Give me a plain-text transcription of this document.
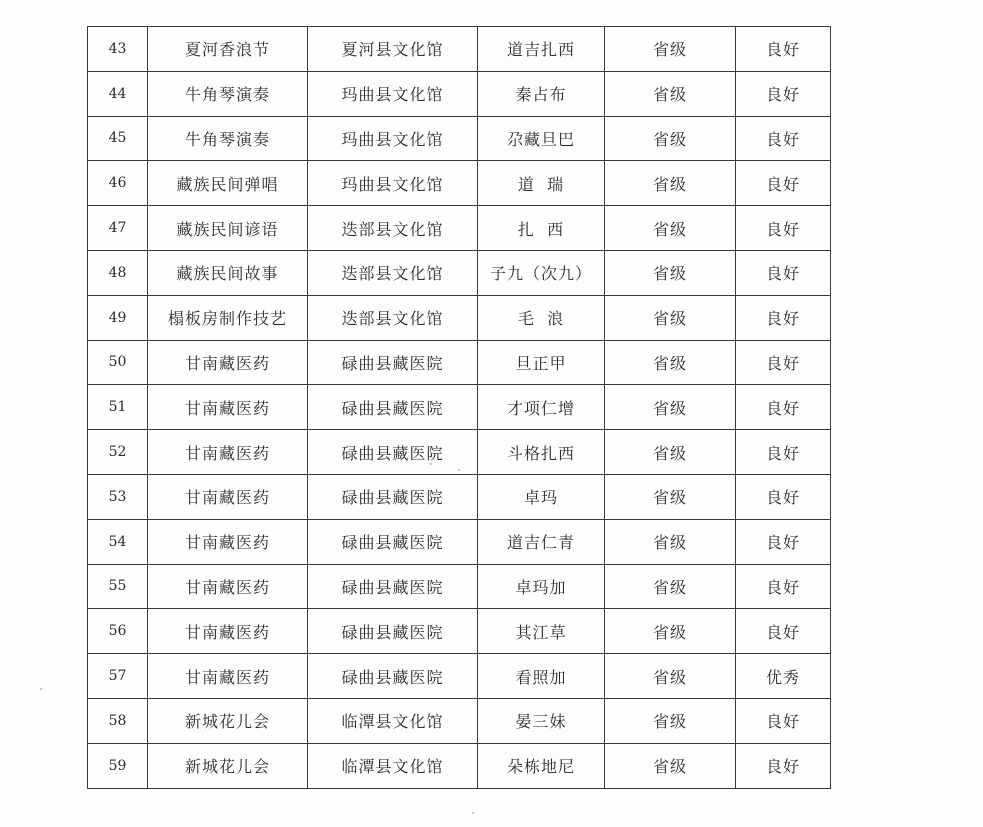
43	夏河香浪节	夏河县文化馆	道吉扎西	省级	良好
44	牛角琴演奏	玛曲县文化馆	秦占布	省级	良好
45	牛角琴演奏	玛曲县文化馆	尕藏旦巴	省级	良好
46	藏族民间弹唱	玛曲县文化馆	道  瑞	省级	良好
47	藏族民间谚语	迭部县文化馆	扎  西	省级	良好
48	藏族民间故事	迭部县文化馆	子九（次九）	省级	良好
49	榻板房制作技艺	迭部县文化馆	毛  浪	省级	良好
50	甘南藏医药	碌曲县藏医院	旦正甲	省级	良好
51	甘南藏医药	碌曲县藏医院	才项仁增	省级	良好
52	甘南藏医药	碌曲县藏医院	斗格扎西	省级	良好
53	甘南藏医药	碌曲县藏医院	卓玛	省级	良好
54	甘南藏医药	碌曲县藏医院	道吉仁青	省级	良好
55	甘南藏医药	碌曲县藏医院	卓玛加	省级	良好
56	甘南藏医药	碌曲县藏医院	其江草	省级	良好
57	甘南藏医药	碌曲县藏医院	看照加	省级	优秀
58	新城花儿会	临潭县文化馆	晏三妹	省级	良好
59	新城花儿会	临潭县文化馆	朵栋地尼	省级	良好
